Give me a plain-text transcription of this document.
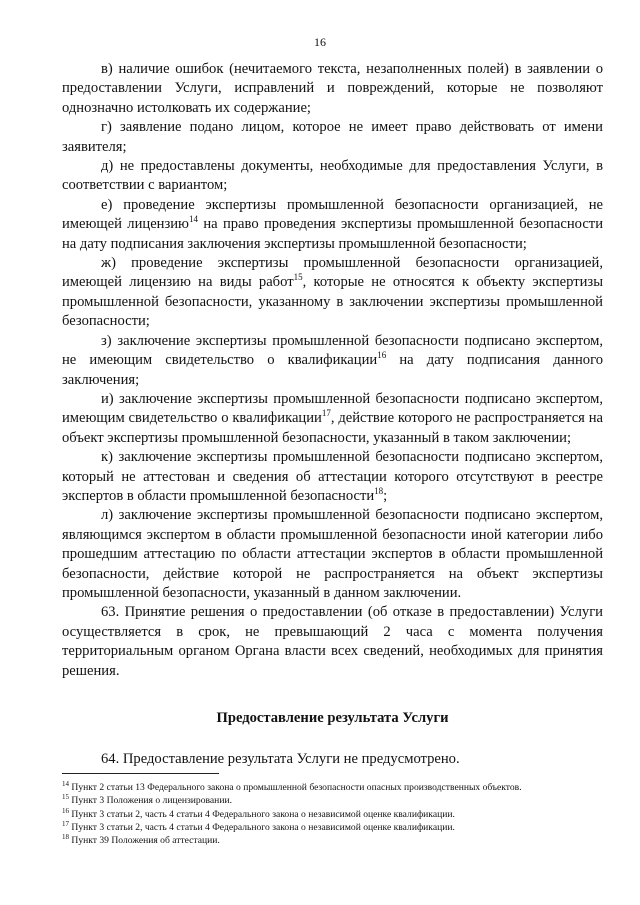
16

в) наличие ошибок (нечитаемого текста, незаполненных полей) в заявлении о предоставлении Услуги, исправлений и повреждений, которые не позволяют однозначно истолковать их содержание;

г) заявление подано лицом, которое не имеет право действовать от имени заявителя;

д) не предоставлены документы, необходимые для предоставления Услуги, в соответствии с вариантом;

е) проведение экспертизы промышленной безопасности организацией, не имеющей лицензию$^{14}$ на право проведения экспертизы промышленной безопасности на дату подписания заключения экспертизы промышленной безопасности;

ж) проведение экспертизы промышленной безопасности организацией, имеющей лицензию на виды работ$^{15}$, которые не относятся к объекту экспертизы промышленной безопасности, указанному в заключении экспертизы промышленной безопасности;

з) заключение экспертизы промышленной безопасности подписано экспертом, не имеющим свидетельство о квалификации$^{16}$ на дату подписания данного заключения;

и) заключение экспертизы промышленной безопасности подписано экспертом, имеющим свидетельство о квалификации$^{17}$, действие которого не распространяется на объект экспертизы промышленной безопасности, указанный в таком заключении;

к) заключение экспертизы промышленной безопасности подписано экспертом, который не аттестован и сведения об аттестации которого отсутствуют в реестре экспертов в области промышленной безопасности$^{18}$;

л) заключение экспертизы промышленной безопасности подписано экспертом, являющимся экспертом в области промышленной безопасности иной категории либо прошедшим аттестацию по области аттестации экспертов в области промышленной безопасности, действие которой не распространяется на объект экспертизы промышленной безопасности, указанный в данном заключении.

63. Принятие решения о предоставлении (об отказе в предоставлении) Услуги осуществляется в срок, не превышающий 2 часа с момента получения территориальным органом Органа власти всех сведений, необходимых для принятия решения.

Предоставление результата Услуги

64. Предоставление результата Услуги не предусмотрено.

$^{14}$ Пункт 2 статьи 13 Федерального закона о промышленной безопасности опасных производственных объектов.

$^{15}$ Пункт 3 Положения о лицензировании.

$^{16}$ Пункт 3 статьи 2, часть 4 статьи 4 Федерального закона о независимой оценке квалификации.

$^{17}$ Пункт 3 статьи 2, часть 4 статьи 4 Федерального закона о независимой оценке квалификации.

$^{18}$ Пункт 39 Положения об аттестации.
